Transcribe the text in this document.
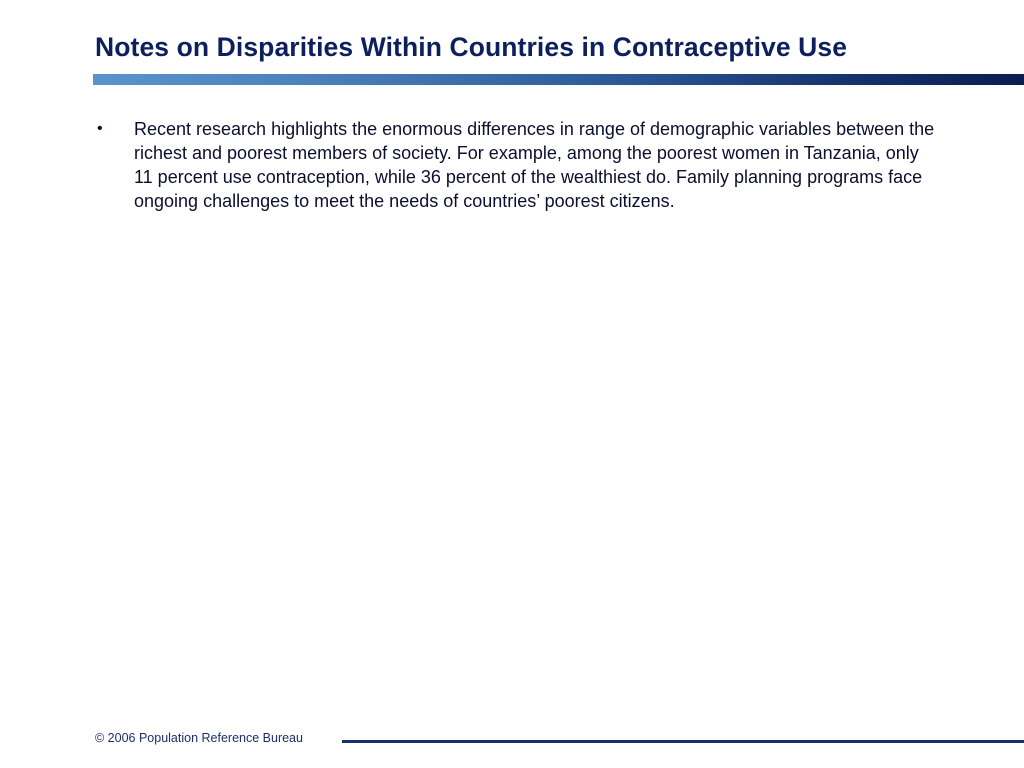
Notes on Disparities Within Countries in Contraceptive Use
• Recent research highlights the enormous differences in range of demographic variables between the richest and poorest members of society. For example, among the poorest women in Tanzania, only 11 percent use contraception, while 36 percent of the wealthiest do. Family planning programs face ongoing challenges to meet the needs of countries’ poorest citizens.
© 2006 Population Reference Bureau
